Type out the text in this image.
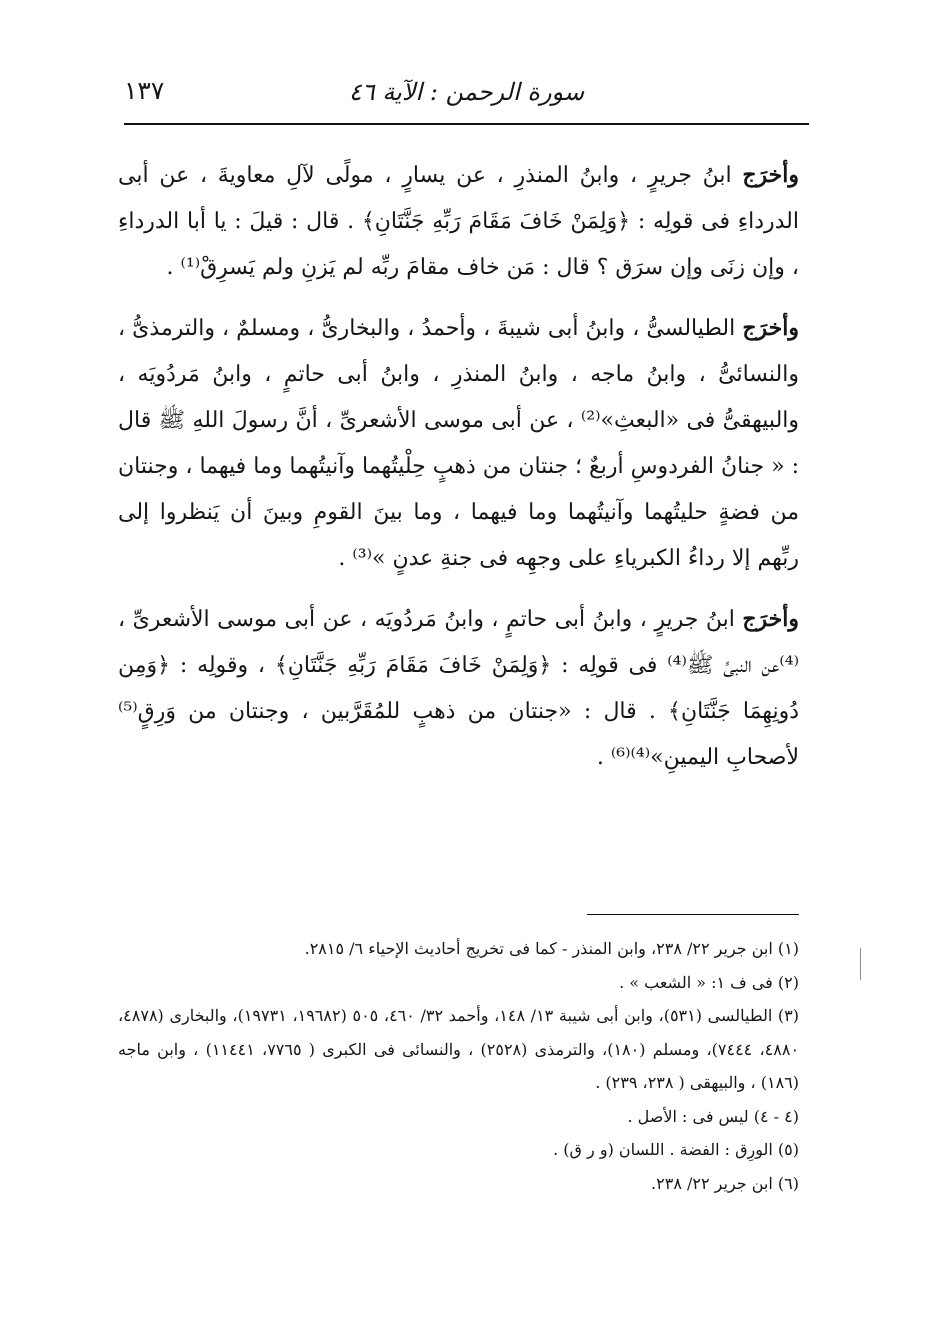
سورة الرحمن : الآية ٤٦
١٣٧

وأخرَج ابنُ جريرٍ ، وابنُ المنذرِ ، عن يسارٍ ، مولًى لآلِ معاويةَ ، عن أبى الدرداءِ فى قولِه : ﴿وَلِمَنْ خَافَ مَقَامَ رَبِّهِ جَنَّتَانِ﴾ . قال : قيلَ : يا أبا الدرداءِ ، وإن زنَى وإن سرَق ؟ قال : مَن خاف مقامَ ربِّه لم يَزنِ ولم يَسرِقْ⁽¹⁾ .

وأخرَج الطيالسىُّ ، وابنُ أبى شيبةَ ، وأحمدُ ، والبخارىُّ ، ومسلمٌ ، والترمذىُّ ، والنسائىُّ ، وابنُ ماجه ، وابنُ المنذرِ ، وابنُ أبى حاتمٍ ، وابنُ مَردُويَه ، والبيهقىُّ فى «البعثِ»⁽²⁾ ، عن أبى موسى الأشعرىِّ ، أنَّ رسولَ اللهِ ﷺ قال : « جنانُ الفردوسِ أربعٌ ؛ جنتان من ذهبٍ حِلْيتُهما وآنيتُهما وما فيهما ، وجنتان من فضةٍ حليتُهما وآنيتُهما وما فيهما ، وما بينَ القومِ وبينَ أن يَنظروا إلى ربِّهم إلا رداءُ الكبرياءِ على وجهِه فى جنةِ عدنٍ »⁽³⁾ .

وأخرَج ابنُ جريرٍ ، وابنُ أبى حاتمٍ ، وابنُ مَردُويَه ، عن أبى موسى الأشعرىِّ ، ⁽⁴⁾عن النبىِّ ﷺ⁽⁴⁾ فى قولِه : ﴿وَلِمَنْ خَافَ مَقَامَ رَبِّهِ جَنَّتَانِ﴾ ، وقولِه : ﴿وَمِن دُونِهِمَا جَنَّتَانِ﴾ . قال : «جنتان من ذهبٍ للمُقَرَّبين ، وجنتان من وَرِقٍ⁽⁵⁾ لأصحابِ اليمينِ»⁽⁴⁾⁽⁶⁾ .

(١) ابن جرير ٢٢/ ٢٣٨، وابن المنذر - كما فى تخريج أحاديث الإحياء ٦/ ٢٨١٥.
(٢) فى ف ١: « الشعب » .
(٣) الطيالسى (٥٣١)، وابن أبى شيبة ١٣/ ١٤٨، وأحمد ٣٢/ ٤٦٠، ٥٠٥ (١٩٦٨٢، ١٩٧٣١)، والبخارى (٤٨٧٨، ٤٨٨٠، ٧٤٤٤)، ومسلم (١٨٠)، والترمذى (٢٥٢٨) ، والنسائى فى الكبرى ( ٧٧٦٥، ١١٤٤١) ، وابن ماجه (١٨٦) ، والبيهقى ( ٢٣٨، ٢٣٩) .
(٤ - ٤) ليس فى : الأصل .
(٥) الورِق : الفضة . اللسان (و ر ق) .
(٦) ابن جرير ٢٢/ ٢٣٨.
